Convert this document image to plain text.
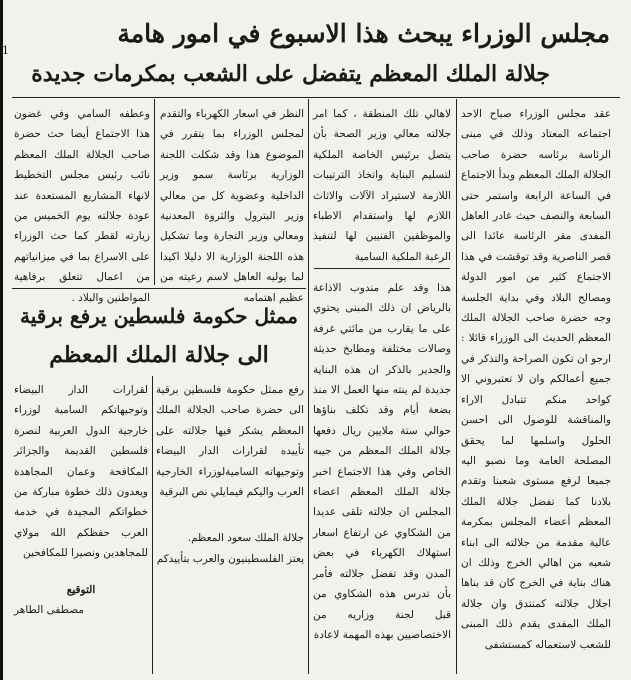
1
مجلس الوزراء يبحث هذا الاسبوع في امور هامة
جلالة الملك المعظم يتفضل على الشعب بمكرمات جديدة

عقد مجلس الوزراء صباح الاحد اجتماعه المعتاد وذلك في مبنى الرئاسة برئاسه حضرة صاحب الجلالة الملك المعظم وبدأ الاجتماع في الساعة الرابعة واستمر حتى السابعة والنصف حيث غادر العاهل المفدى مقر الرئاسة عائدا الى قصر الناصرية وقد توقشت في هذا الاجتماع كثير من امور الدولة ومصالح البلاد وفي بداية الجلسة وجه حضرة صاحب الجلالة الملك المعظم الحديث الى الوزراء قائلا : ارجو ان تكون الصراحة والتذكر في جميع أعمالكم وان لا تعتبروني الا كواحد منكم تتبادل الاراء والمناقشة للوصول الى احسن الحلول واسلمها لما يحقق المصلحة العامة وما نصبو اليه جميعا لرفع مستوى شعبنا وتقدم بلادنا كما تفضل جلالة الملك المعظم أعضاء المجلس بمكرمة عالية مقدمة من جلالته الى ابناء شعبه من اهالي الخرج وذلك ان هناك بناية في الخرج كان قد بناها اجلال جلالته كمنتدق وان جلالة الملك المفدى يقدم ذلك المبنى للشعب لاستعماله كمستشفى

لاهالي تلك المنطقة ، كما امر جلالته معالي وزير الصحة بأن يتصل برئيس الخاصة الملكية لتسليم البناية واتخاذ الترتيبات اللازمة لاستيراد الآلات والاثاث اللازم لها واستقدام الاطباء والموظفين الفنيين لها لتنفيذ الرغبة الملكية السامية

هذا وقد علم مندوب الاذاعة بالرياض ان ذلك المبنى يحتوي على ما يقارب من مائتي غرفة وصالات مختلفة ومطابخ حديثة والجدير بالذكر ان هذه البناية جديدة لم ينته منها العمل الا منذ بضعة أيام وقد تكلف بناؤها حوالي ستة ملايين ريال دفعها جلالة الملك المعظم من جيبه الخاص وفي هذا الاجتماع اخبر جلالة الملك المعظم اعضاء المجلس ان جلالته تلقى عديدا من الشكاوي عن ارتفاع اسعار استهلاك الكهرباء في بعض المدن وقد تفضل جلالته فأمر بأن تدرس هذه الشكاوي من قبل لجنة وزاريه من الاختصاصيين بهذه المهمة لاعادة

النظر في اسعار الكهرباء والتقدم لمجلس الوزراء بما يتقرر في الموضوع هذا وقد شكلت اللجنة الوزارية برئاسة سمو وزير الداخلية وعضوية كل من معالي وزير البترول والثروة المعدنية ومعالي وزير التجارة وما تشكيل هذه اللجنة الوزارية الا دليلا اكيدا لما يوليه العاهل لاسم رعيته من عظيم اهتمامه

وعطفه السامي وفي غضون هذا الاجتماع أيضا حث حضرة صاحب الجلالة الملك المعظم نائب رئيس مجلس التخطيط لانهاء المشاريع المستعدة عند عودة جلالته يوم الخميس من زيارته لقطر كما حث الوزراء على الاسراع بما في ميزانياتهم من اعمال تتعلق برفاهية المواطنين والبلاد .

ممثل حكومة فلسطين يرفع برقية
الى جلالة الملك المعظم

رفع ممثل حكومة فلسطين برقية الى حضرة صاحب الجلالة الملك المعظم يشكر فيها جلالته على تأييده لقرارات الدار البيضاء وتوجيهاته الساميةلوزراء الخارجية العرب واليكم فيمايلي نص البرقية

جلالة الملك سعود المعظم.

يعتز الفلسطينيون والعرب بتأييدكم

لقرارات الدار البيضاء وتوجيهاتكم السامية لوزراء خارجية الدول العربية لنصرة فلسطين القديمة والجزائر المكافحة وعمان المجاهدة ويعدون ذلك خطوة مباركة من خطواتكم المجيدة في خدمة العرب حفظكم الله مولاي للمجاهدين ونصيرا للمكافحين

التوقيع

مصطفى الطاهر
